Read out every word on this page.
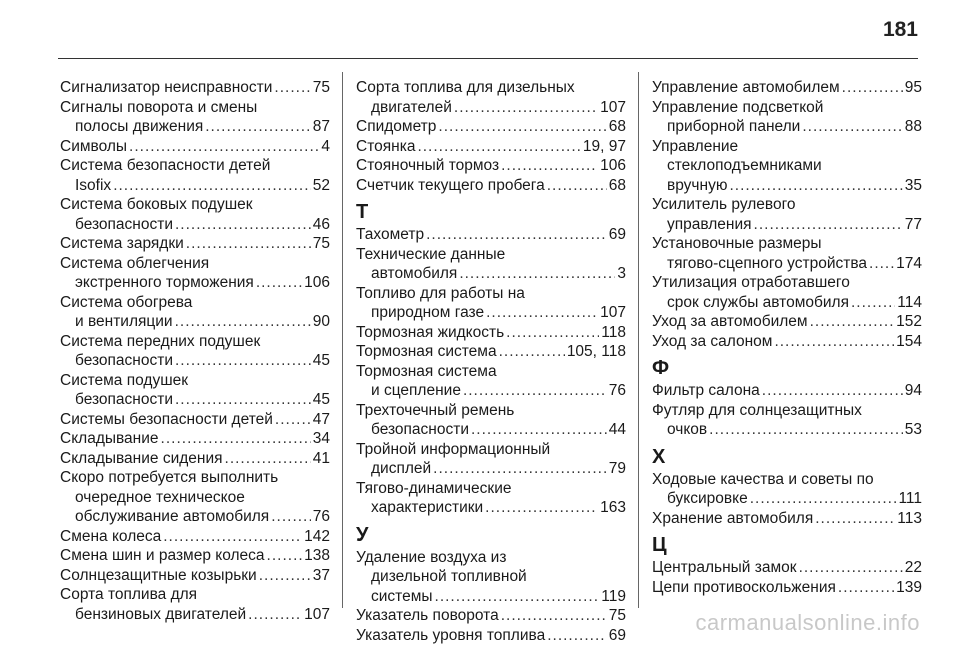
181
Сигнализатор неисправности .....	75
Сигналы поворота и смены
полосы движения .....	87
Символы .....	4
Система безопасности детей
Isofix .....	52
Система боковых подушек
безопасности .....	46
Система зарядки .....	75
Система облегчения
экстренного торможения .....	106
Система обогрева
и вентиляции .....	90
Система передних подушек
безопасности .....	45
Система подушек
безопасности .....	45
Системы безопасности детей .....	47
Складывание .....	34
Складывание сидения .....	41
Скоро потребуется выполнить
очередное техническое
обслуживание автомобиля .....	76
Смена колеса .....	142
Смена шин и размер колеса .....	138
Солнцезащитные козырьки .....	37
Сорта топлива для
бензиновых двигателей .....	107
Сорта топлива для дизельных
двигателей .....	107
Спидометр .....	68
Стоянка .....	19, 97
Стояночный тормоз .....	106
Счетчик текущего пробега .....	68
Т
Тахометр .....	69
Технические данные
автомобиля .....	3
Топливо для работы на
природном газе .....	107
Тормозная жидкость .....	118
Тормозная система .....	105, 118
Тормозная система
и сцепление .....	76
Трехточечный ремень
безопасности .....	44
Тройной информационный
дисплей .....	79
Тягово-динамические
характеристики .....	163
У
Удаление воздуха из
дизельной топливной
системы .....	119
Указатель поворота .....	75
Указатель уровня топлива .....	69
Управление автомобилем .....	95
Управление подсветкой
приборной панели .....	88
Управление
стеклоподъемниками
вручную .....	35
Усилитель рулевого
управления .....	77
Установочные размеры
тягово-сцепного устройства ..... 174
Утилизация отработавшего
срок службы автомобиля .....	114
Уход за автомобилем .....	152
Уход за салоном .....	154
Ф
Фильтр салона .....	94
Футляр для солнцезащитных
очков .....	53
Х
Ходовые качества и советы по
буксировке .....	111
Хранение автомобиля .....	113
Ц
Центральный замок .....	22
Цепи противоскольжения .....	139
carmanualsonline.info
